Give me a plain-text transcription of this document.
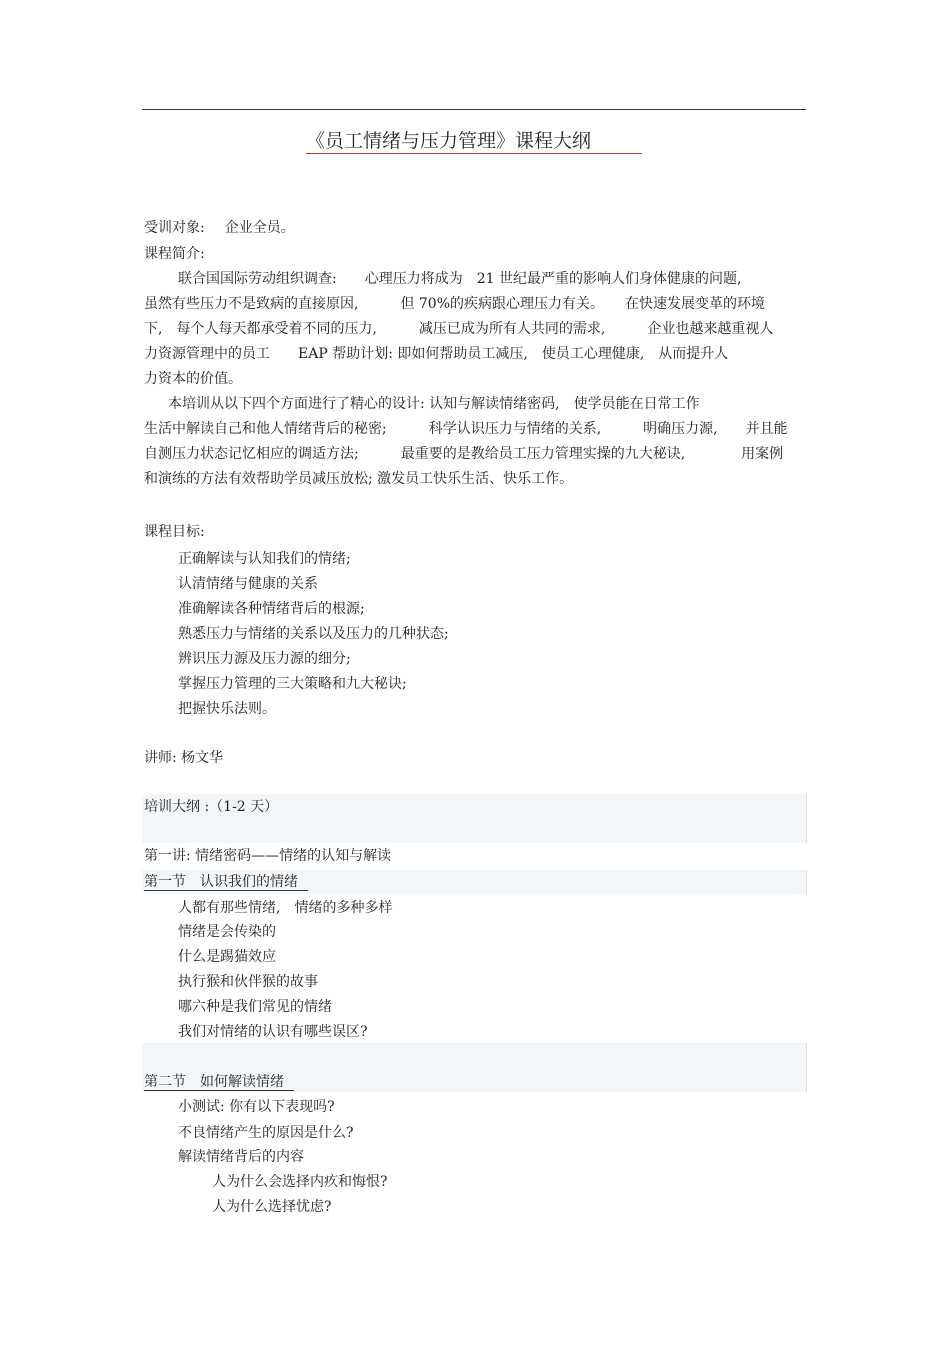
《员工情绪与压力管理》课程大纲
受训对象: 企业全员。
课程简介:
联合国国际劳动组织调查:　　心理压力将成为　21 世纪最严重的影响人们身体健康的问题,
虽然有些压力不是致病的直接原因,　　　但 70%的疾病跟心理压力有关。　　在快速发展变革的环境
下,　每个人每天都承受着不同的压力,　　　减压已成为所有人共同的需求,　　　企业也越来越重视人
力资源管理中的员工　　EAP 帮助计划: 即如何帮助员工减压,　使员工心理健康,　从而提升人
力资本的价值。
本培训从以下四个方面进行了精心的设计: 认知与解读情绪密码,　使学员能在日常工作
生活中解读自己和他人情绪背后的秘密;　　　科学认识压力与情绪的关系,　　　明确压力源,　　并且能
自测压力状态记忆相应的调适方法;　　　最重要的是教给员工压力管理实操的九大秘诀,　　　　用案例
和演练的方法有效帮助学员减压放松; 激发员工快乐生活、快乐工作。
课程目标:
正确解读与认知我们的情绪;
认清情绪与健康的关系
准确解读各种情绪背后的根源;
熟悉压力与情绪的关系以及压力的几种状态;
辨识压力源及压力源的细分;
掌握压力管理的三大策略和九大秘诀;
把握快乐法则。
讲师: 杨文华
培训大纲 :（1-2 天）
第一讲: 情绪密码——情绪的认知与解读
第一节　认识我们的情绪
人都有那些情绪,　情绪的多种多样
情绪是会传染的
什么是踢猫效应
执行猴和伙伴猴的故事
哪六种是我们常见的情绪
我们对情绪的认识有哪些误区?
第二节　如何解读情绪
小测试: 你有以下表现吗?
不良情绪产生的原因是什么?
解读情绪背后的内容
人为什么会选择内疚和悔恨?
人为什么选择忧虑?
